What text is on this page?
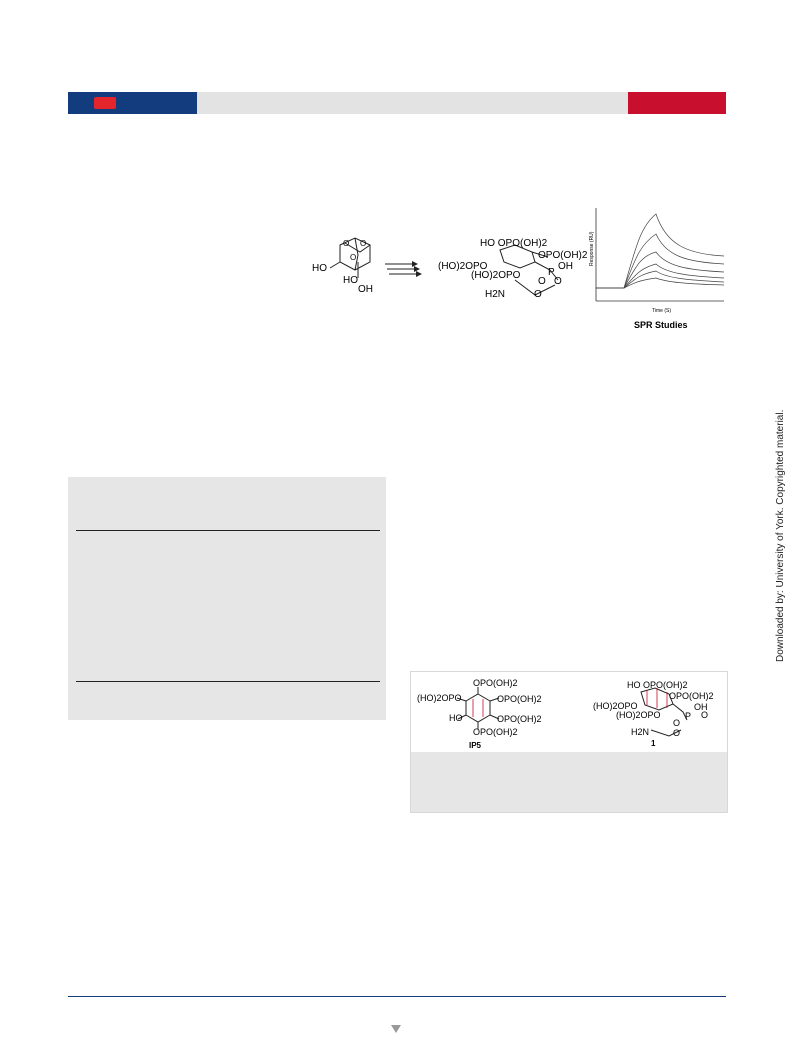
O O
O
HO
HO
OH
HO OPO(OH)2
OPO(OH)2
(HO)2OPO
P
OH
(HO)2OPO
O O
H2N	O
Response (RU)
Time (S)
SPR Studies
OPO(OH)2
(HO)2OPO	OPO(OH)2
HO	OPO(OH)2
OPO(OH)2
IP5
HO OPO(OH)2
OPO(OH)2
(HO)2OPO
P
OH
(HO)2OPO
O
O
H2N	O
1
Downloaded by: University of York. Copyrighted material.
